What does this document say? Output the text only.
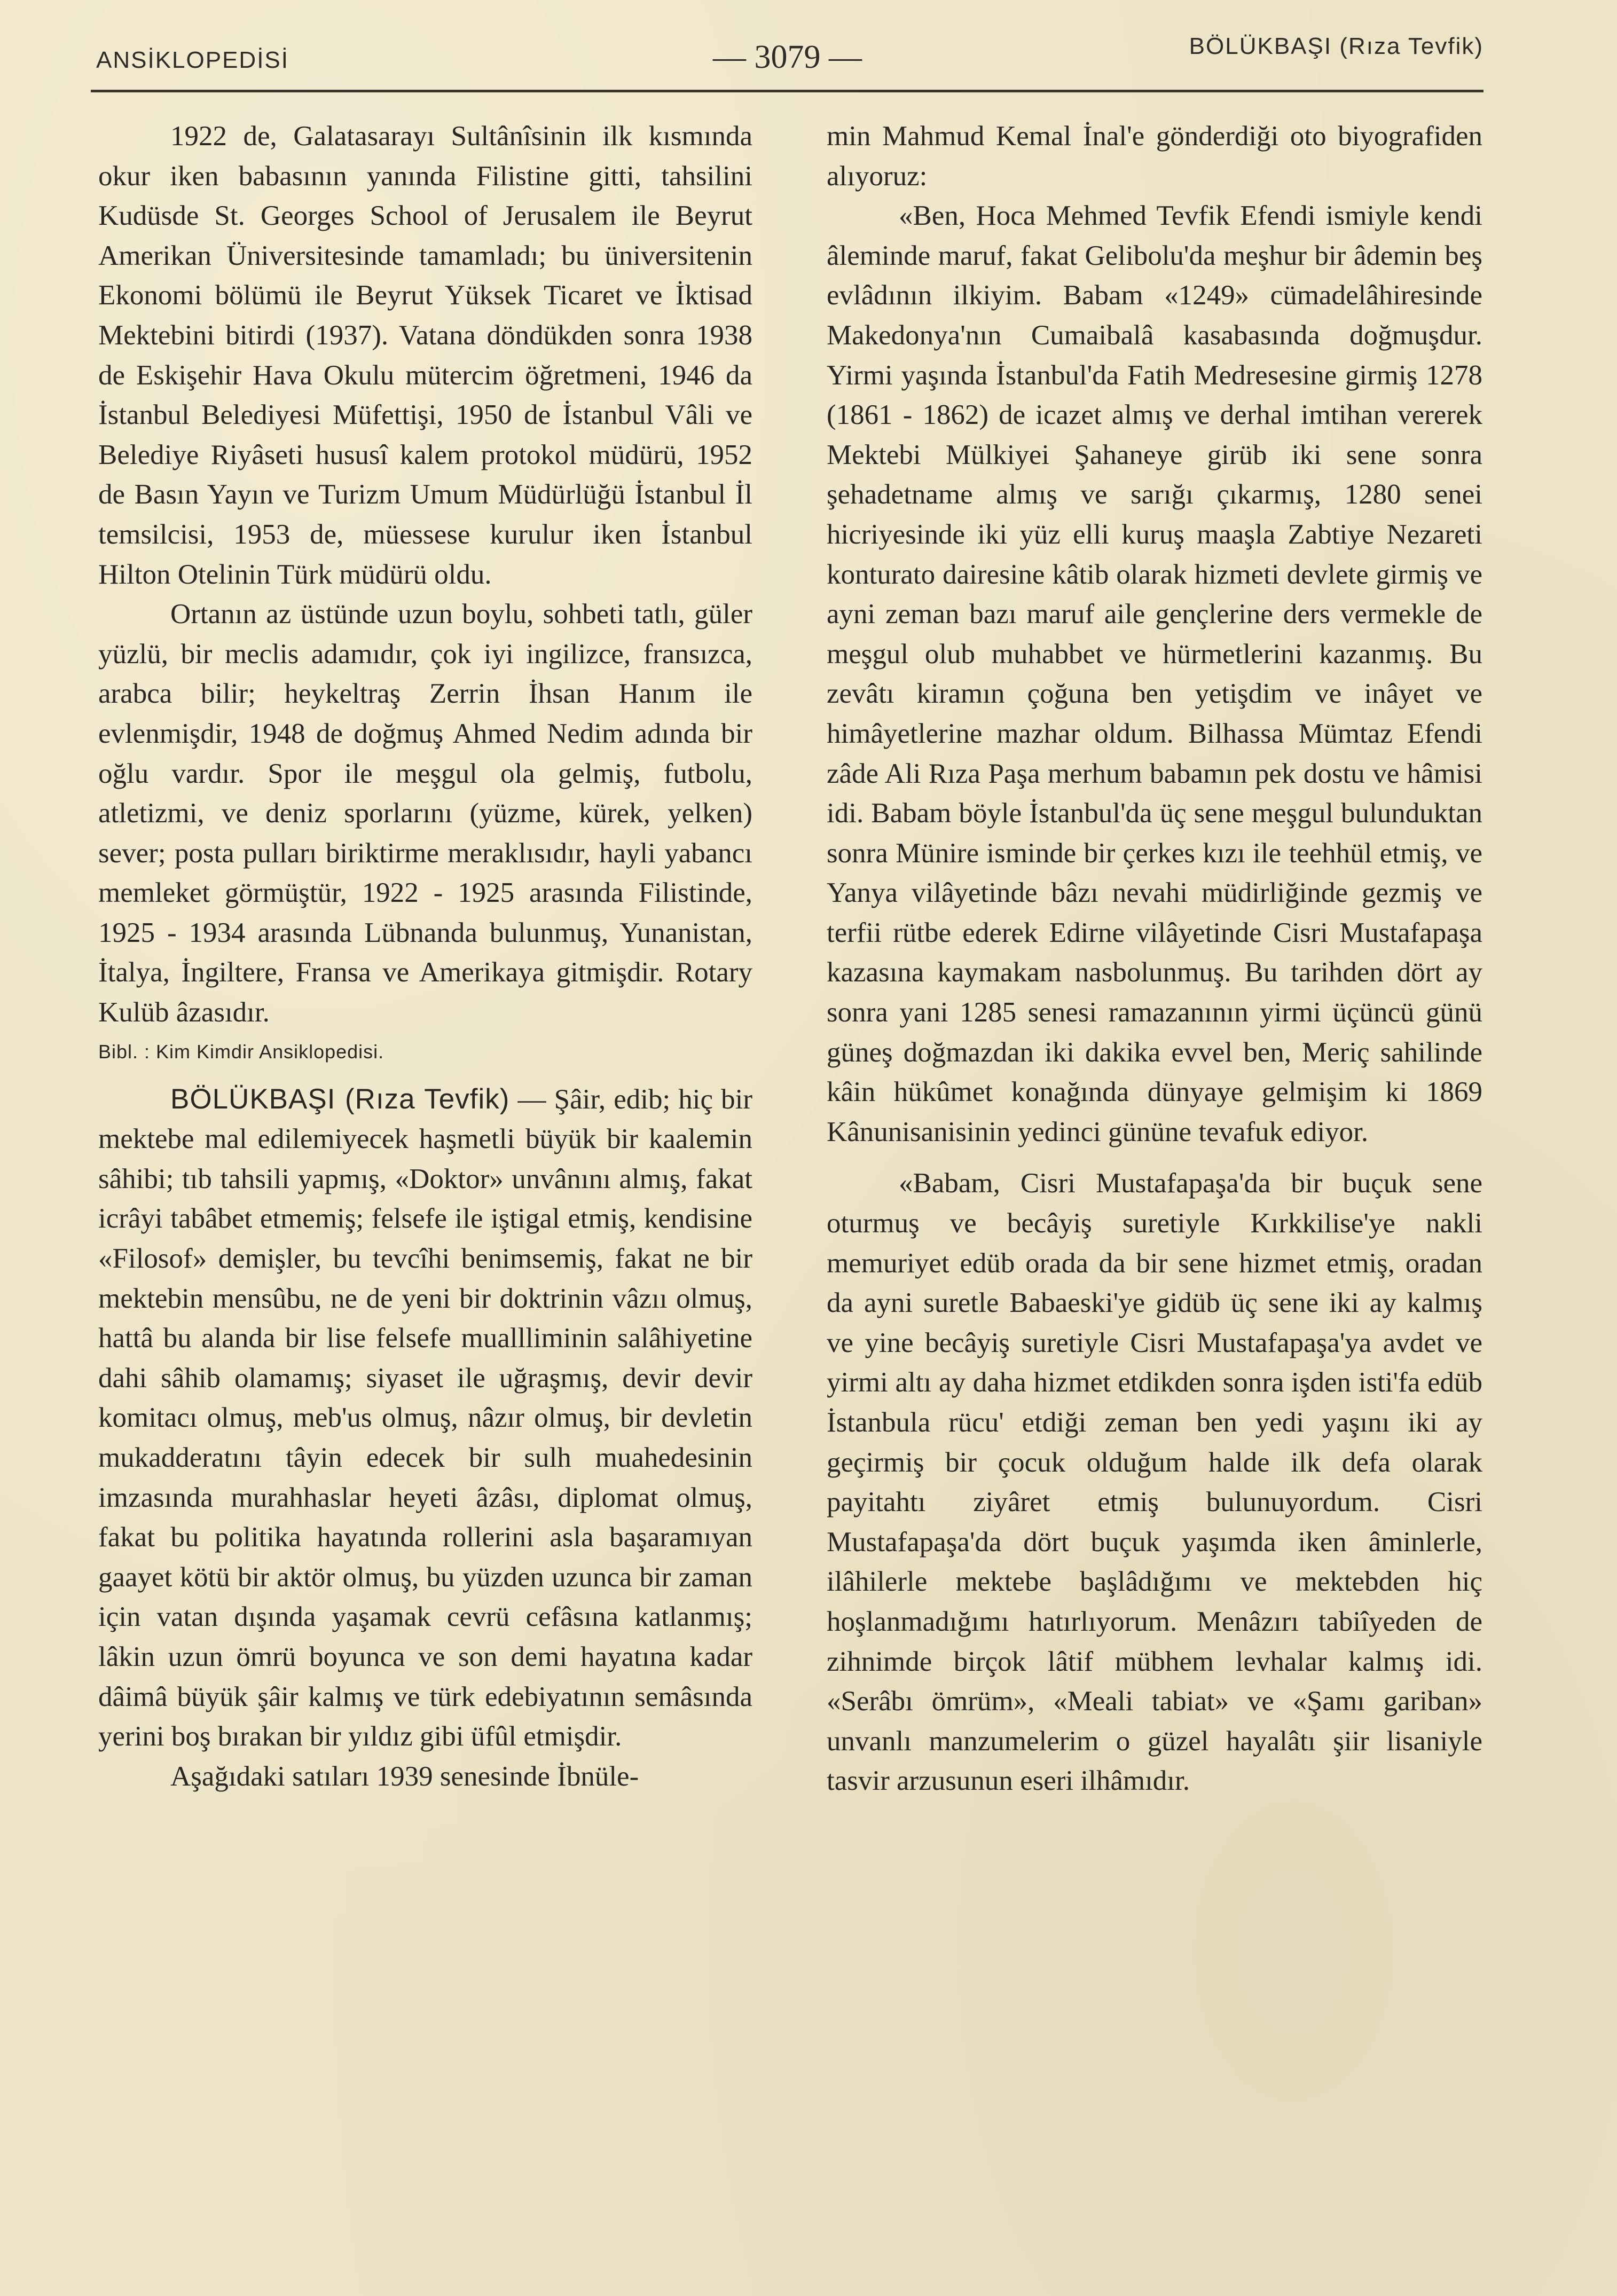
ANSİKLOPEDİSİ	— 3079 —	BÖLÜKBAŞI (Rıza Tevfik)

1922 de, Galatasarayı Sultânîsinin ilk kısmında okur iken babasının yanında Filistine gitti, tahsilini Kudüsde St. Georges School of Jerusalem ile Beyrut Amerikan Üniversitesinde tamamladı; bu üniversitenin Ekonomi bölümü ile Beyrut Yüksek Ticaret ve İktisad Mektebini bitirdi (1937). Vatana döndükden sonra 1938 de Eskişehir Hava Okulu mütercim öğretmeni, 1946 da İstanbul Belediyesi Müfettişi, 1950 de İstanbul Vâli ve Belediye Riyâseti hususî kalem protokol müdürü, 1952 de Basın Yayın ve Turizm Umum Müdürlüğü İstanbul İl temsilcisi, 1953 de, müessese kurulur iken İstanbul Hilton Otelinin Türk müdürü oldu.

Ortanın az üstünde uzun boylu, sohbeti tatlı, güler yüzlü, bir meclis adamıdır, çok iyi ingilizce, fransızca, arabca bilir; heykeltraş Zerrin İhsan Hanım ile evlenmişdir, 1948 de doğmuş Ahmed Nedim adında bir oğlu vardır. Spor ile meşgul ola gelmiş, futbolu, atletizmi, ve deniz sporlarını (yüzme, kürek, yelken) sever; posta pulları biriktirme meraklısıdır, hayli yabancı memleket görmüştür, 1922 - 1925 arasında Filistinde, 1925 - 1934 arasında Lübnanda bulunmuş, Yunanistan, İtalya, İngiltere, Fransa ve Amerikaya gitmişdir. Rotary Kulüb âzasıdır.

Bibl. : Kim Kimdir Ansiklopedisi.

BÖLÜKBAŞI (Rıza Tevfik) — Şâir, edib; hiç bir mektebe mal edilemiyecek haşmetli büyük bir kaalemin sâhibi; tıb tahsili yapmış, «Doktor» unvânını almış, fakat icrâyi tabâbet etmemiş; felsefe ile iştigal etmiş, kendisine «Filosof» demişler, bu tevcîhi benimsemiş, fakat ne bir mektebin mensûbu, ne de yeni bir doktrinin vâzıı olmuş, hattâ bu alanda bir lise felsefe muallliminin salâhiyetine dahi sâhib olamamış; siyaset ile uğraşmış, devir devir komitacı olmuş, meb'us olmuş, nâzır olmuş, bir devletin mukadderatını tâyin edecek bir sulh muahedesinin imzasında murahhaslar heyeti âzâsı, diplomat olmuş, fakat bu politika hayatında rollerini asla başaramıyan gaayet kötü bir aktör olmuş, bu yüzden uzunca bir zaman için vatan dışında yaşamak cevrü cefâsına katlanmış; lâkin uzun ömrü boyunca ve son demi hayatına kadar dâimâ büyük şâir kalmış ve türk edebiyatının semâsında yerini boş bırakan bir yıldız gibi üfûl etmişdir.

Aşağıdaki satıları 1939 senesinde İbnüle-

min Mahmud Kemal İnal'e gönderdiği oto biyografiden alıyoruz:

«Ben, Hoca Mehmed Tevfik Efendi ismiyle kendi âleminde maruf, fakat Gelibolu'da meşhur bir âdemin beş evlâdının ilkiyim. Babam «1249» cümadelâhiresinde Makedonya'nın Cumaibalâ kasabasında doğmuşdur. Yirmi yaşında İstanbul'da Fatih Medresesine girmiş 1278 (1861 - 1862) de icazet almış ve derhal imtihan vererek Mektebi Mülkiyei Şahaneye girüb iki sene sonra şehadetname almış ve sarığı çıkarmış, 1280 senei hicriyesinde iki yüz elli kuruş maaşla Zabtiye Nezareti konturato dairesine kâtib olarak hizmeti devlete girmiş ve ayni zeman bazı maruf aile gençlerine ders vermekle de meşgul olub muhabbet ve hürmetlerini kazanmış. Bu zevâtı kiramın çoğuna ben yetişdim ve inâyet ve himâyetlerine mazhar oldum. Bilhassa Mümtaz Efendi zâde Ali Rıza Paşa merhum babamın pek dostu ve hâmisi idi. Babam böyle İstanbul'da üç sene meşgul bulunduktan sonra Münire isminde bir çerkes kızı ile teehhül etmiş, ve Yanya vilâyetinde bâzı nevahi müdirliğinde gezmiş ve terfii rütbe ederek Edirne vilâyetinde Cisri Mustafapaşa kazasına kaymakam nasbolunmuş. Bu tarihden dört ay sonra yani 1285 senesi ramazanının yirmi üçüncü günü güneş doğmazdan iki dakika evvel ben, Meriç sahilinde kâin hükûmet konağında dünyaye gelmişim ki 1869 Kânunisanisinin yedinci gününe tevafuk ediyor.

«Babam, Cisri Mustafapaşa'da bir buçuk sene oturmuş ve becâyiş suretiyle Kırkkilise'ye nakli memuriyet edüb orada da bir sene hizmet etmiş, oradan da ayni suretle Babaeski'ye gidüb üç sene iki ay kalmış ve yine becâyiş suretiyle Cisri Mustafapaşa'ya avdet ve yirmi altı ay daha hizmet etdikden sonra işden isti'fa edüb İstanbula rücu' etdiği zeman ben yedi yaşını iki ay geçirmiş bir çocuk olduğum halde ilk defa olarak payitahtı ziyâret etmiş bulunuyordum. Cisri Mustafapaşa'da dört buçuk yaşımda iken âminlerle, ilâhilerle mektebe başlâdığımı ve mektebden hiç hoşlanmadığımı hatırlıyorum. Menâzırı tabiîyeden de zihnimde birçok lâtif mübhem levhalar kalmış idi. «Serâbı ömrüm», «Meali tabiat» ve «Şamı gariban» unvanlı manzumelerim o güzel hayalâtı şiir lisaniyle tasvir arzusunun eseri ilhâmıdır.
